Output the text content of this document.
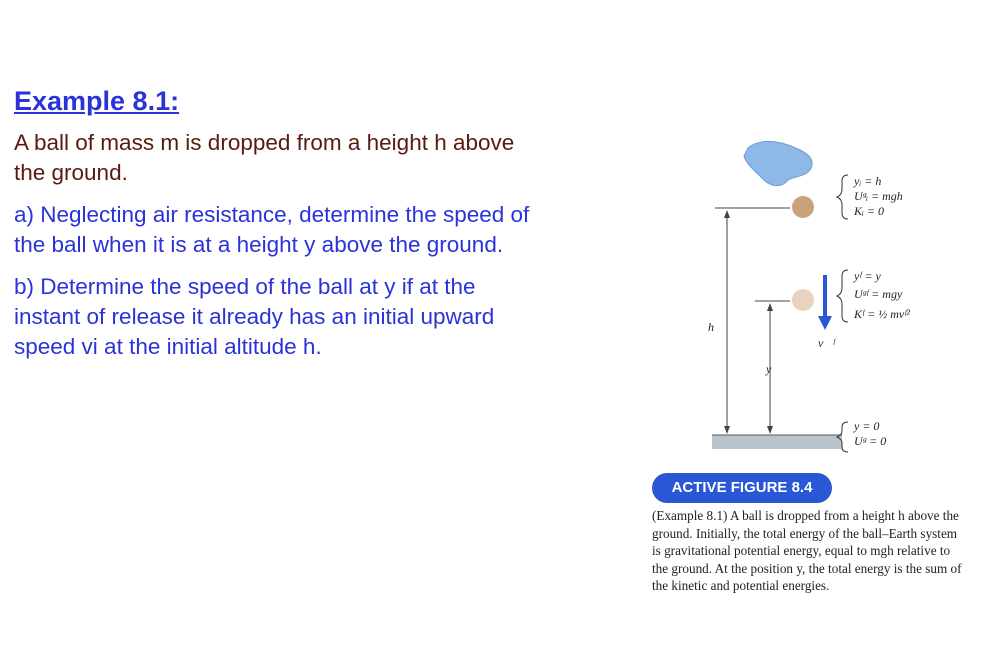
Example 8.1:
A ball of mass m is dropped from a height h above the ground.
a) Neglecting air resistance, determine the speed of the ball when it is at a height y above the ground.
b) Determine the speed of the ball at y if at the instant of release it already has an initial upward speed vi at the initial altitude h.
yᵢ = h
Uᵍᵢ = mgh
Kᵢ = 0
yᶠ = y
Uᵍᶠ = mgy
Kᶠ = ½ mvᶠ²
y = 0
Uᵍ = 0
h
y
v⃗ᶠ
ACTIVE FIGURE 8.4
(Example 8.1) A ball is dropped from a height h above the ground. Initially, the total energy of the ball–Earth system is gravitational potential energy, equal to mgh relative to the ground. At the position y, the total energy is the sum of the kinetic and potential energies.
